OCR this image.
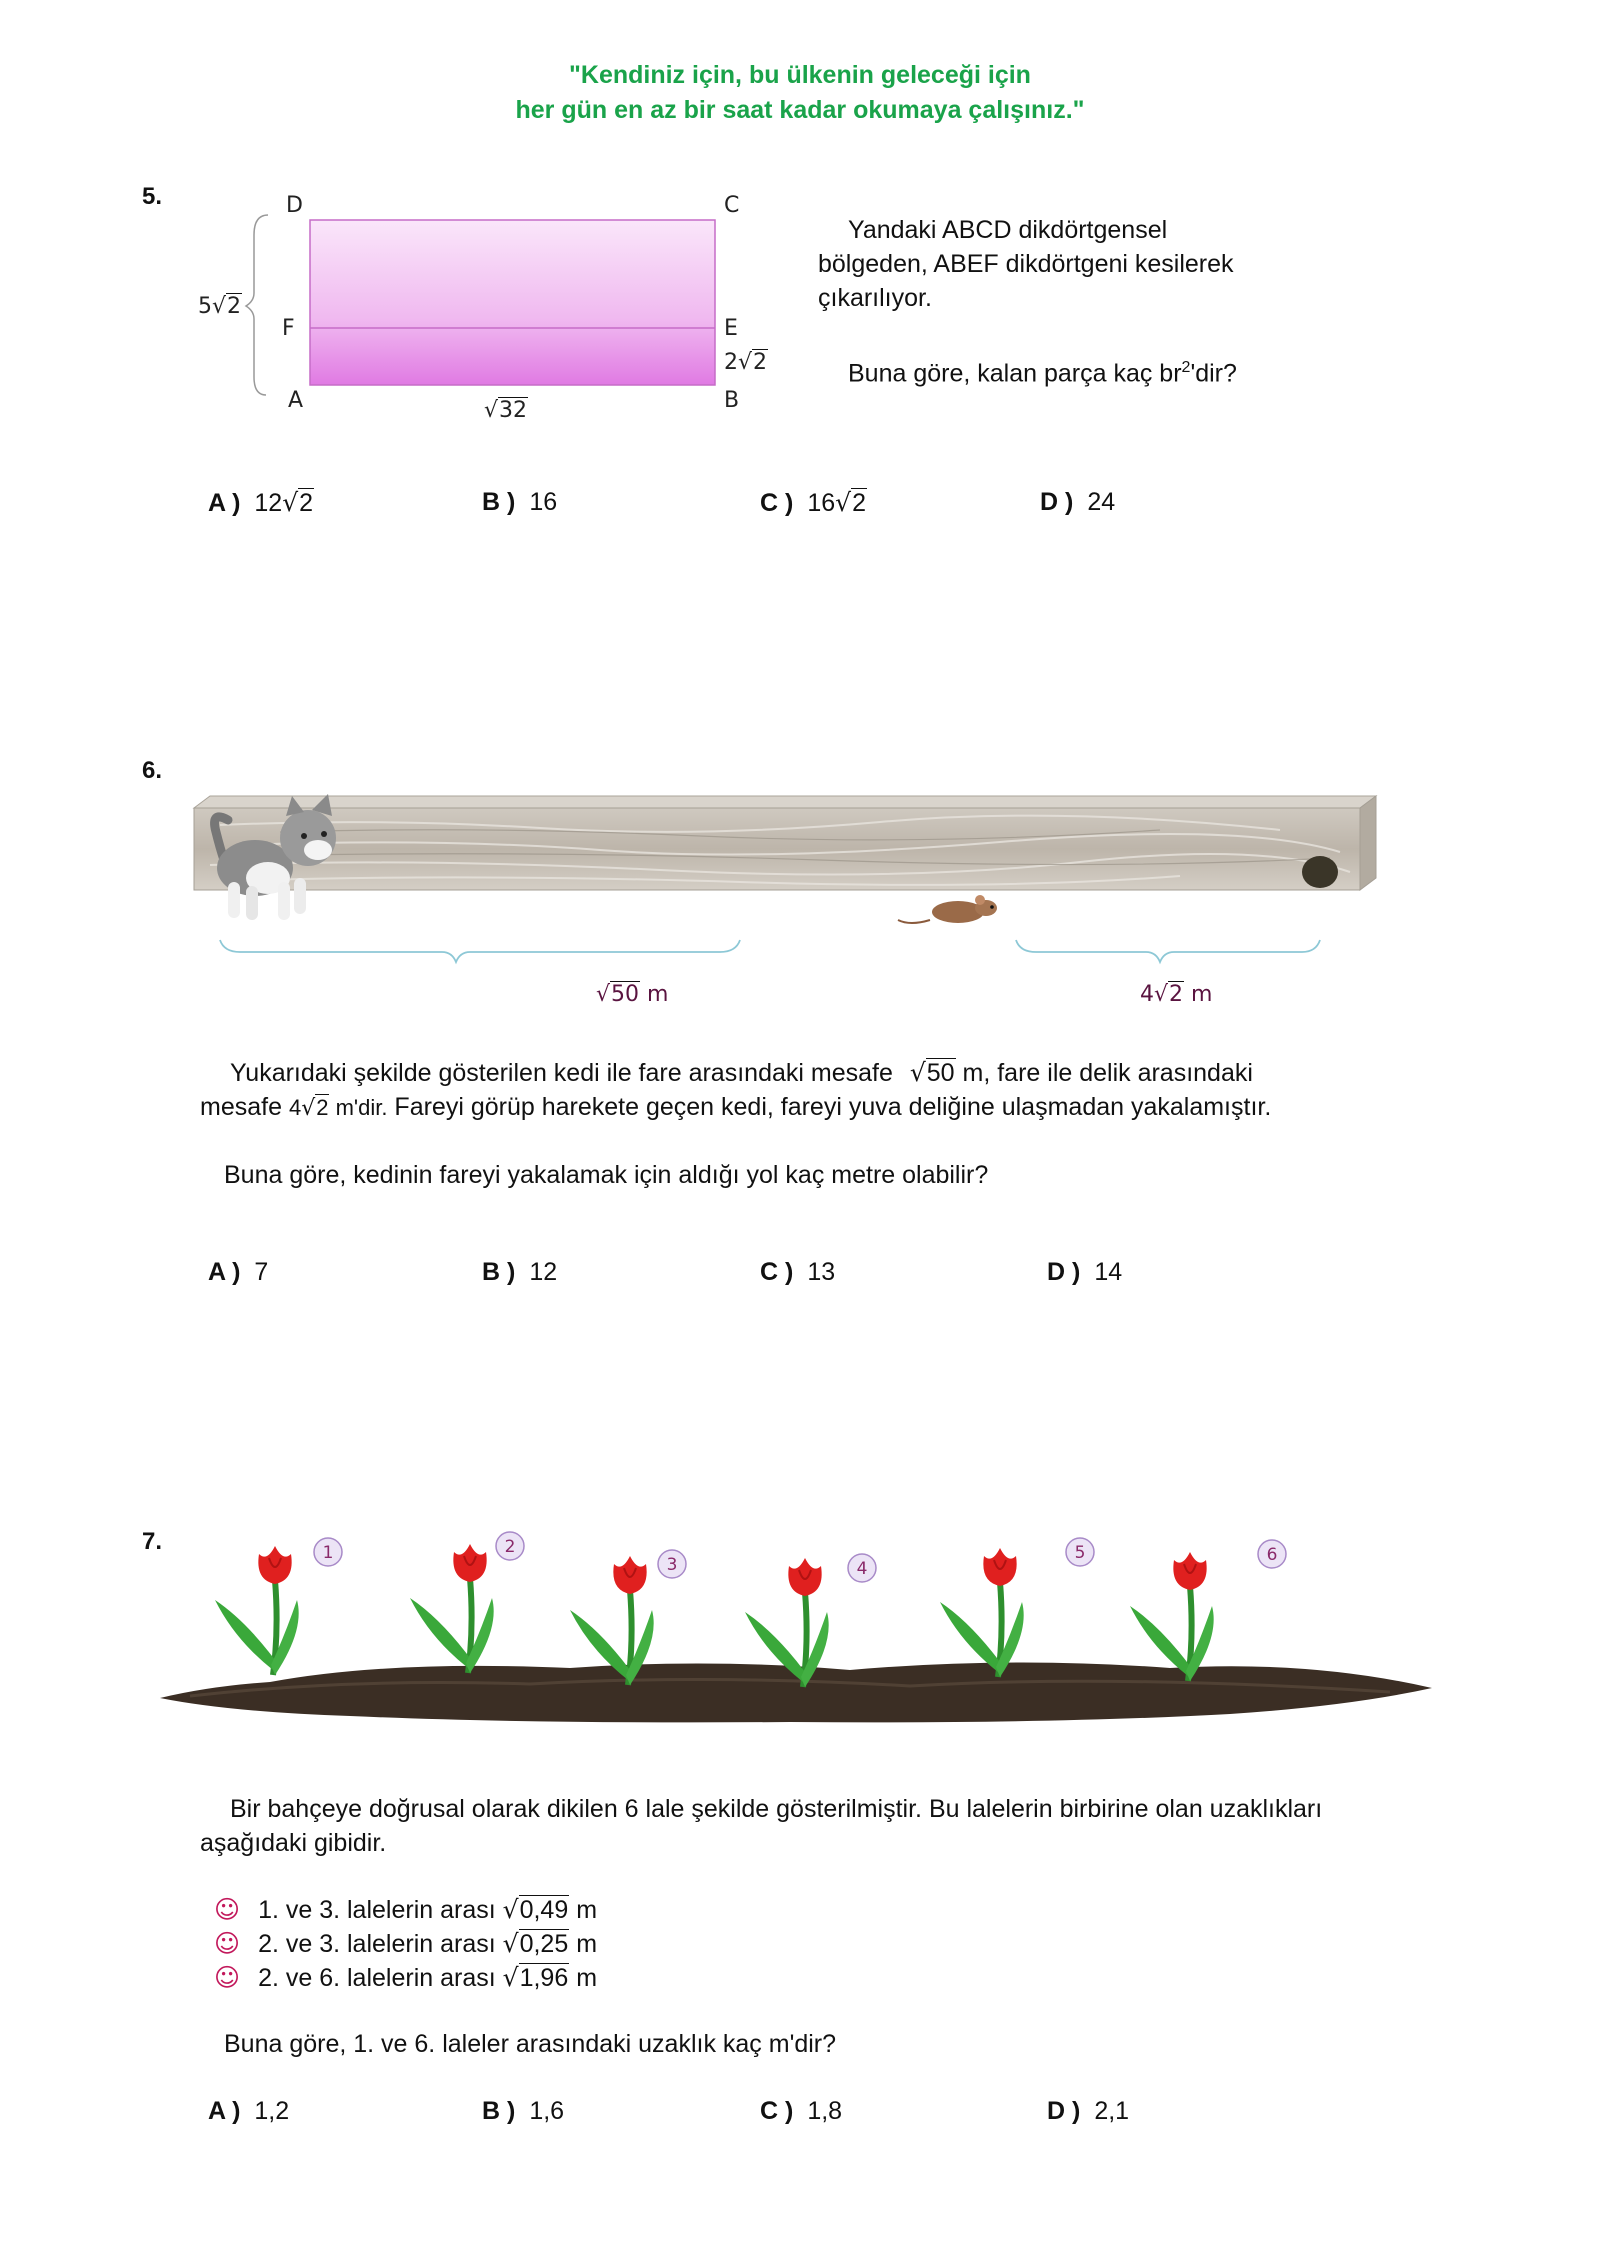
"Kendiniz için, bu ülkenin geleceği için
her gün en az bir saat kadar okumaya çalışınız."
5.	D	C
F	E
A	B
5√2
2√2
√32
Yandaki ABCD dikdörtgensel
bölgeden, ABEF dikdörtgeni kesilerek
çıkarılıyor.
Buna göre, kalan parça kaç $br^2'dir$?
A ) 12√2	B ) 16	C ) 16√2	D ) 24
6.
√50 m	4√2 m
Yukarıdaki şekilde gösterilen kedi ile fare arasındaki mesafe √50 m, fare ile delik arasındaki
mesafe 4√2 m'dir. Fareyi görüp harekete geçen kedi, fareyi yuva deliğine ulaşmadan yakalamıştır.
Buna göre, kedinin fareyi yakalamak için aldığı yol kaç metre olabilir?
A ) 7	B ) 12	C ) 13	D ) 14
7.	1	2
3	4
5	6
Bir bahçeye doğrusal olarak dikilen 6 lale şekilde gösterilmiştir. Bu lalelerin birbirine olan uzaklıkları
aşağıdaki gibidir.
☺ 1. ve 3. lalelerin arası √0,49 m
☺ 2. ve 3. lalelerin arası √0,25 m
☺ 2. ve 6. lalelerin arası √1,96 m
Buna göre, 1. ve 6. laleler arasındaki uzaklık kaç m'dir?
A ) 1,2	B ) 1,6	C ) 1,8	D ) 2,1
